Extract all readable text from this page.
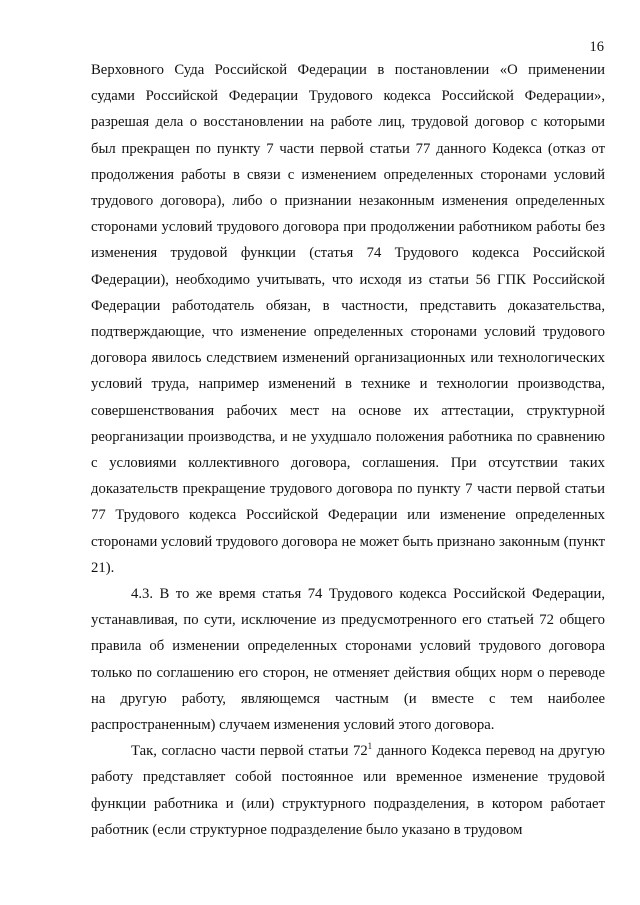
16

Верховного Суда Российской Федерации в постановлении «О применении судами Российской Федерации Трудового кодекса Российской Федерации», разрешая дела о восстановлении на работе лиц, трудовой договор с которыми был прекращен по пункту 7 части первой статьи 77 данного Кодекса (отказ от продолжения работы в связи с изменением определенных сторонами условий трудового договора), либо о признании незаконным изменения определенных сторонами условий трудового договора при продолжении работником работы без изменения трудовой функции (статья 74 Трудового кодекса Российской Федерации), необходимо учитывать, что исходя из статьи 56 ГПК Российской Федерации работодатель обязан, в частности, представить доказательства, подтверждающие, что изменение определенных сторонами условий трудового договора явилось следствием изменений организационных или технологических условий труда, например изменений в технике и технологии производства, совершенствования рабочих мест на основе их аттестации, структурной реорганизации производства, и не ухудшало положения работника по сравнению с условиями коллективного договора, соглашения. При отсутствии таких доказательств прекращение трудового договора по пункту 7 части первой статьи 77 Трудового кодекса Российской Федерации или изменение определенных сторонами условий трудового договора не может быть признано законным (пункт 21).

4.3. В то же время статья 74 Трудового кодекса Российской Федерации, устанавливая, по сути, исключение из предусмотренного его статьей 72 общего правила об изменении определенных сторонами условий трудового договора только по соглашению его сторон, не отменяет действия общих норм о переводе на другую работу, являющемся частным (и вместе с тем наиболее распространенным) случаем изменения условий этого договора.

Так, согласно части первой статьи $72^1$ данного Кодекса перевод на другую работу представляет собой постоянное или временное изменение трудовой функции работника и (или) структурного подразделения, в котором работает работник (если структурное подразделение было указано в трудовом
